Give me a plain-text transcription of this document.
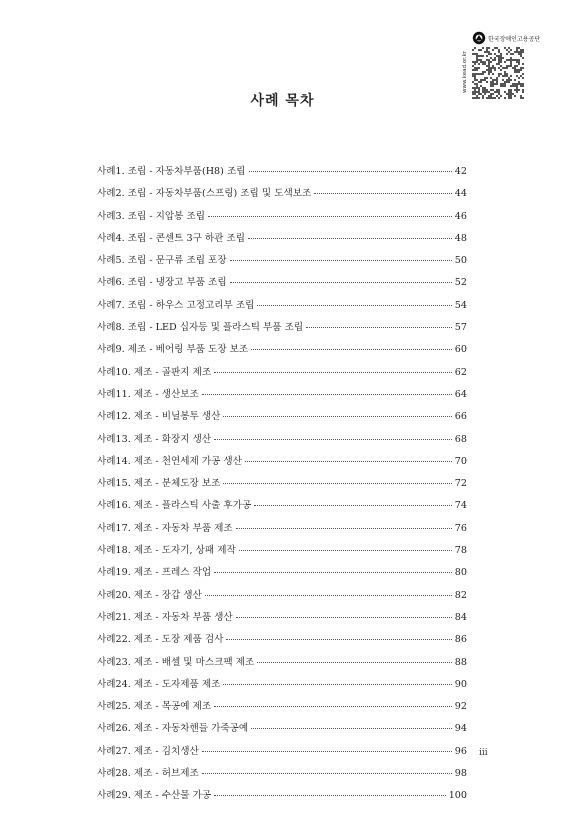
한국장애인고용공단
www.kead.or.kr
사례 목차
사례1. 조립 - 자동차부품(H8) 조립	42
사례2. 조립 - 자동차부품(스프링) 조립 및 도색보조	44
사례3. 조립 - 지압봉 조립	46
사례4. 조립 - 콘센트 3구 하관 조립	48
사례5. 조립 - 문구류 조립 포장	50
사례6. 조립 - 냉장고 부품 조립	52
사례7. 조립 - 하우스 고정고리부 조립	54
사례8. 조립 - LED 십자등 및 플라스틱 부품 조립	57
사례9. 제조 - 베어링 부품 도장 보조	60
사례10. 제조 - 골판지 제조	62
사례11. 제조 - 생산보조	64
사례12. 제조 - 비닐봉투 생산	66
사례13. 제조 - 화장지 생산	68
사례14. 제조 - 천연세제 가공 생산	70
사례15. 제조 - 분체도장 보조	72
사례16. 제조 - 플라스틱 사출 후가공	74
사례17. 제조 - 자동차 부품 제조	76
사례18. 제조 - 도자기, 상패 제작	78
사례19. 제조 - 프레스 작업	80
사례20. 제조 - 장갑 생산	82
사례21. 제조 - 자동차 부품 생산	84
사례22. 제조 - 도장 제품 검사	86
사례23. 제조 - 배셀 및 마스크팩 제조	88
사례24. 제조 - 도자제품 제조	90
사례25. 제조 - 목공예 제조	92
사례26. 제조 - 자동차핸들 가죽공예	94
사례27. 제조 - 김치생산	96
사례28. 제조 - 허브제조	98
사례29. 제조 - 수산물 가공	100
iii
